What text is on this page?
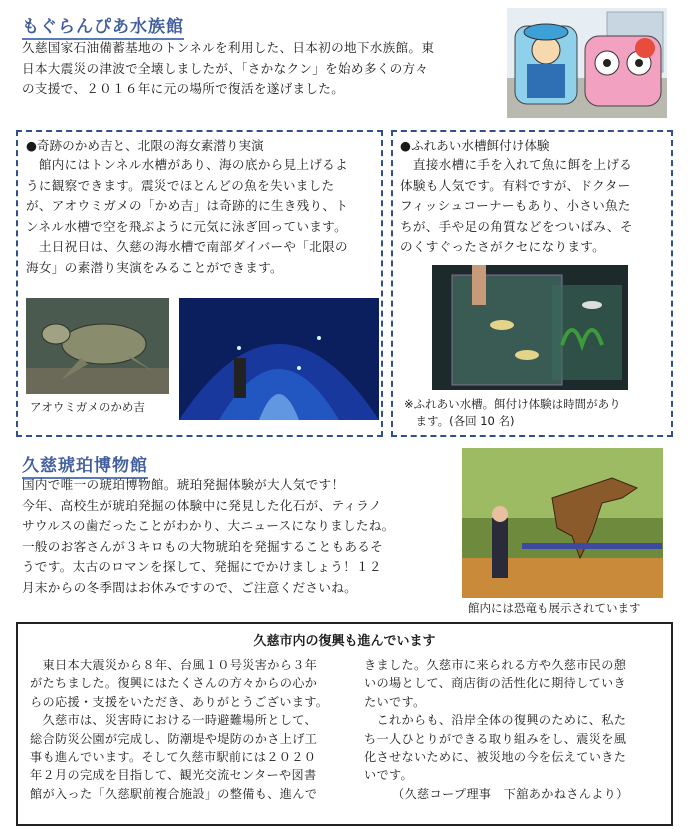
もぐらんぴあ水族館
久慈国家石油備蓄基地のトンネルを利用した、日本初の地下水族館。東
日本大震災の津波で全壊しましたが、「さかなクン」を始め多くの方々
の支援で、２０１６年に元の場所で復活を遂げました。
●奇跡のかめ吉と、北限の海女素潜り実演
　館内にはトンネル水槽があり、海の底から見上げるよ
うに観察できます。震災でほとんどの魚を失いました
が、アオウミガメの「かめ吉」は奇跡的に生き残り、ト
ンネル水槽で空を飛ぶように元気に泳ぎ回っています。
　土日祝日は、久慈の海水槽で南部ダイバーや「北限の
海女」の素潜り実演をみることができます。
アオウミガメのかめ吉
●ふれあい水槽餌付け体験
　直接水槽に手を入れて魚に餌を上げる
体験も人気です。有料ですが、ドクター
フィッシュコーナーもあり、小さい魚た
ちが、手や足の角質などをついばみ、そ
のくすぐったさがクセになります。
※ふれあい水槽。餌付け体験は時間があり
　ます。(各回 10 名)
久慈琥珀博物館
国内で唯一の琥珀博物館。琥珀発掘体験が大人気です！
今年、高校生が琥珀発掘の体験中に発見した化石が、ティラノ
サウルスの歯だったことがわかり、大ニュースになりましたね。
一般のお客さんが３キロもの大物琥珀を発掘することもあるそ
うです。太古のロマンを探して、発掘にでかけましょう！１２
月末からの冬季間はお休みですので、ご注意くださいね。
館内には恐竜も展示されています
久慈市内の復興も進んでいます
　東日本大震災から８年、台風１０号災害から３年
がたちました。復興にはたくさんの方々からの心か
らの応援・支援をいただき、ありがとうございます。
　久慈市は、災害時における一時避難場所として、
総合防災公園が完成し、防潮堤や堤防のかさ上げ工
事も進んでいます。そして久慈市駅前には２０２０
年２月の完成を目指して、観光交流センターや図書
館が入った「久慈駅前複合施設」の整備も、進んで
きました。久慈市に来られる方や久慈市民の憩
いの場として、商店街の活性化に期待していき
たいです。
　これからも、沿岸全体の復興のために、私た
ち一人ひとりができる取り組みをし、震災を風
化させないために、被災地の今を伝えていきた
いです。
（久慈コープ理事　下舘あかねさんより）
